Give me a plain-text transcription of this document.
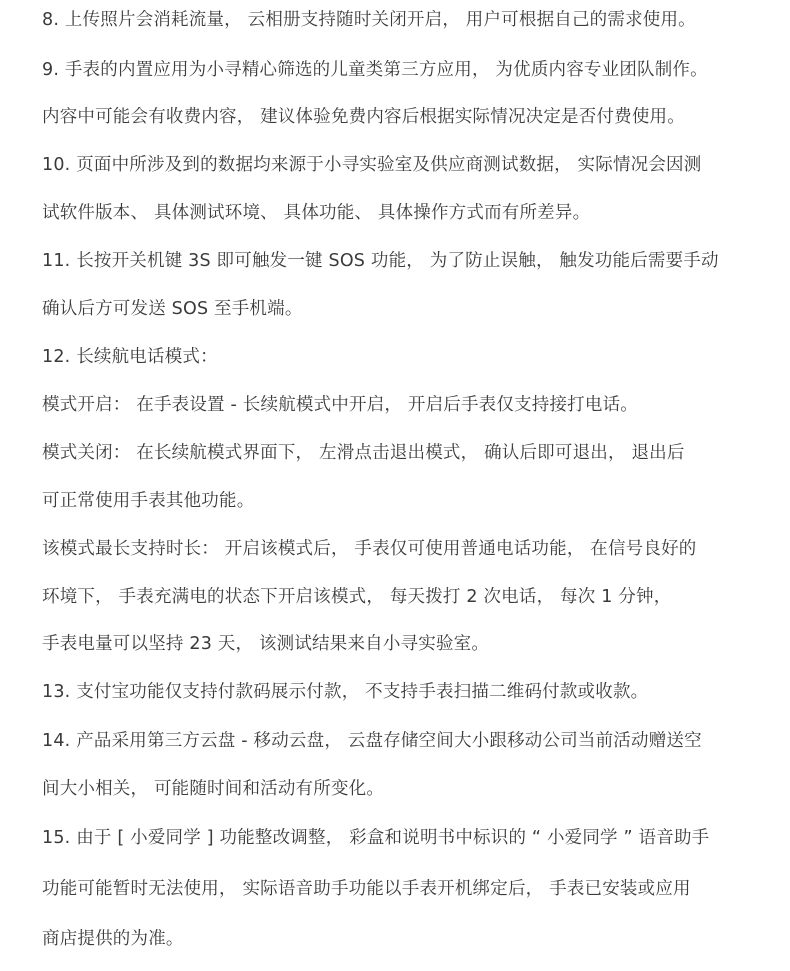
8. 上传照片会消耗流量， 云相册支持随时关闭开启， 用户可根据自己的需求使用。
9. 手表的内置应用为小寻精心筛选的儿童类第三方应用， 为优质内容专业团队制作。
内容中可能会有收费内容， 建议体验免费内容后根据实际情况决定是否付费使用。
10. 页面中所涉及到的数据均来源于小寻实验室及供应商测试数据， 实际情况会因测
试软件版本、 具体测试环境、 具体功能、 具体操作方式而有所差异。
11. 长按开关机键 3S 即可触发一键 SOS 功能， 为了防止误触， 触发功能后需要手动
确认后方可发送 SOS 至手机端。
12. 长续航电话模式：
模式开启： 在手表设置 - 长续航模式中开启， 开启后手表仅支持接打电话。
模式关闭： 在长续航模式界面下， 左滑点击退出模式， 确认后即可退出， 退出后
可正常使用手表其他功能。
该模式最长支持时长： 开启该模式后， 手表仅可使用普通电话功能， 在信号良好的
环境下， 手表充满电的状态下开启该模式， 每天拨打 2 次电话， 每次 1 分钟，
手表电量可以坚持 23 天， 该测试结果来自小寻实验室。
13. 支付宝功能仅支持付款码展示付款， 不支持手表扫描二维码付款或收款。
14. 产品采用第三方云盘 - 移动云盘， 云盘存储空间大小跟移动公司当前活动赠送空
间大小相关， 可能随时间和活动有所变化。
15. 由于 [ 小爱同学 ] 功能整改调整， 彩盒和说明书中标识的 “ 小爱同学 ” 语音助手
功能可能暂时无法使用， 实际语音助手功能以手表开机绑定后， 手表已安装或应用
商店提供的为准。
